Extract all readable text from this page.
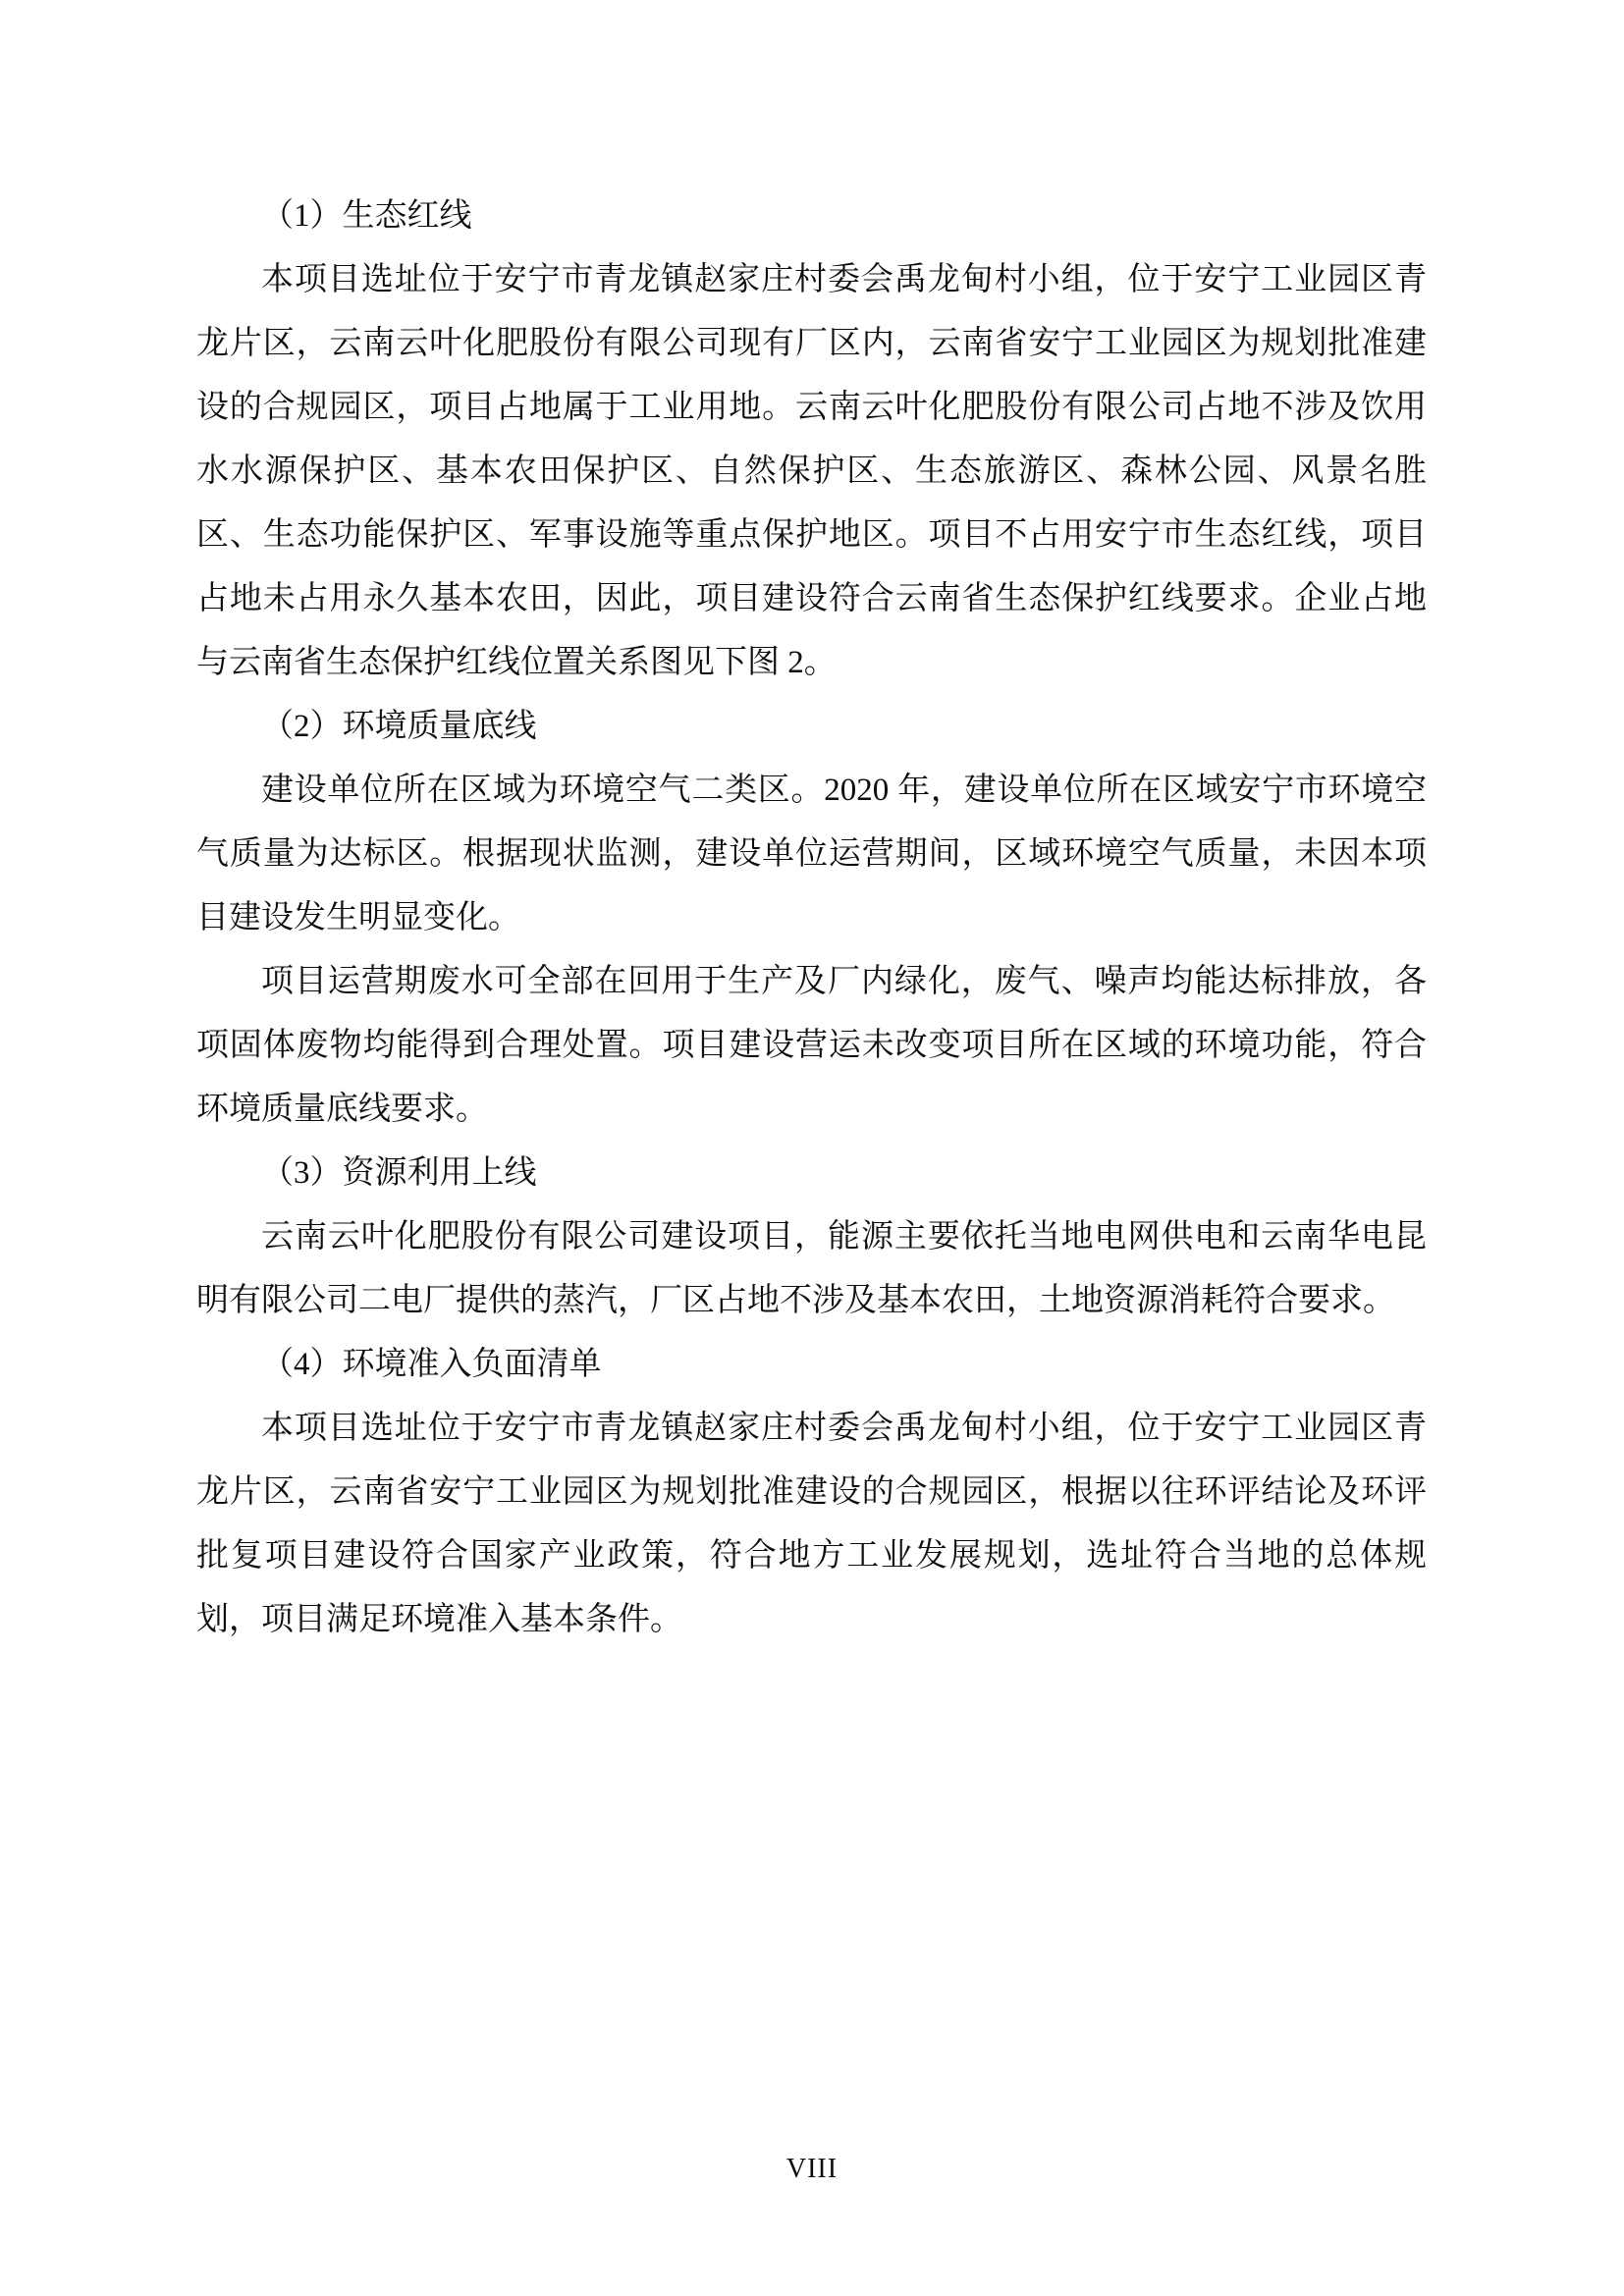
（1）生态红线

本项目选址位于安宁市青龙镇赵家庄村委会禹龙甸村小组，位于安宁工业园区青龙片区，云南云叶化肥股份有限公司现有厂区内，云南省安宁工业园区为规划批准建设的合规园区，项目占地属于工业用地。云南云叶化肥股份有限公司占地不涉及饮用水水源保护区、基本农田保护区、自然保护区、生态旅游区、森林公园、风景名胜区、生态功能保护区、军事设施等重点保护地区。项目不占用安宁市生态红线，项目占地未占用永久基本农田，因此，项目建设符合云南省生态保护红线要求。企业占地与云南省生态保护红线位置关系图见下图 2。

（2）环境质量底线

建设单位所在区域为环境空气二类区。2020 年，建设单位所在区域安宁市环境空气质量为达标区。根据现状监测，建设单位运营期间，区域环境空气质量，未因本项目建设发生明显变化。

项目运营期废水可全部在回用于生产及厂内绿化，废气、噪声均能达标排放，各项固体废物均能得到合理处置。项目建设营运未改变项目所在区域的环境功能，符合环境质量底线要求。

（3）资源利用上线

云南云叶化肥股份有限公司建设项目，能源主要依托当地电网供电和云南华电昆明有限公司二电厂提供的蒸汽，厂区占地不涉及基本农田，土地资源消耗符合要求。

（4）环境准入负面清单

本项目选址位于安宁市青龙镇赵家庄村委会禹龙甸村小组，位于安宁工业园区青龙片区，云南省安宁工业园区为规划批准建设的合规园区，根据以往环评结论及环评批复项目建设符合国家产业政策，符合地方工业发展规划，选址符合当地的总体规划，项目满足环境准入基本条件。

VIII
